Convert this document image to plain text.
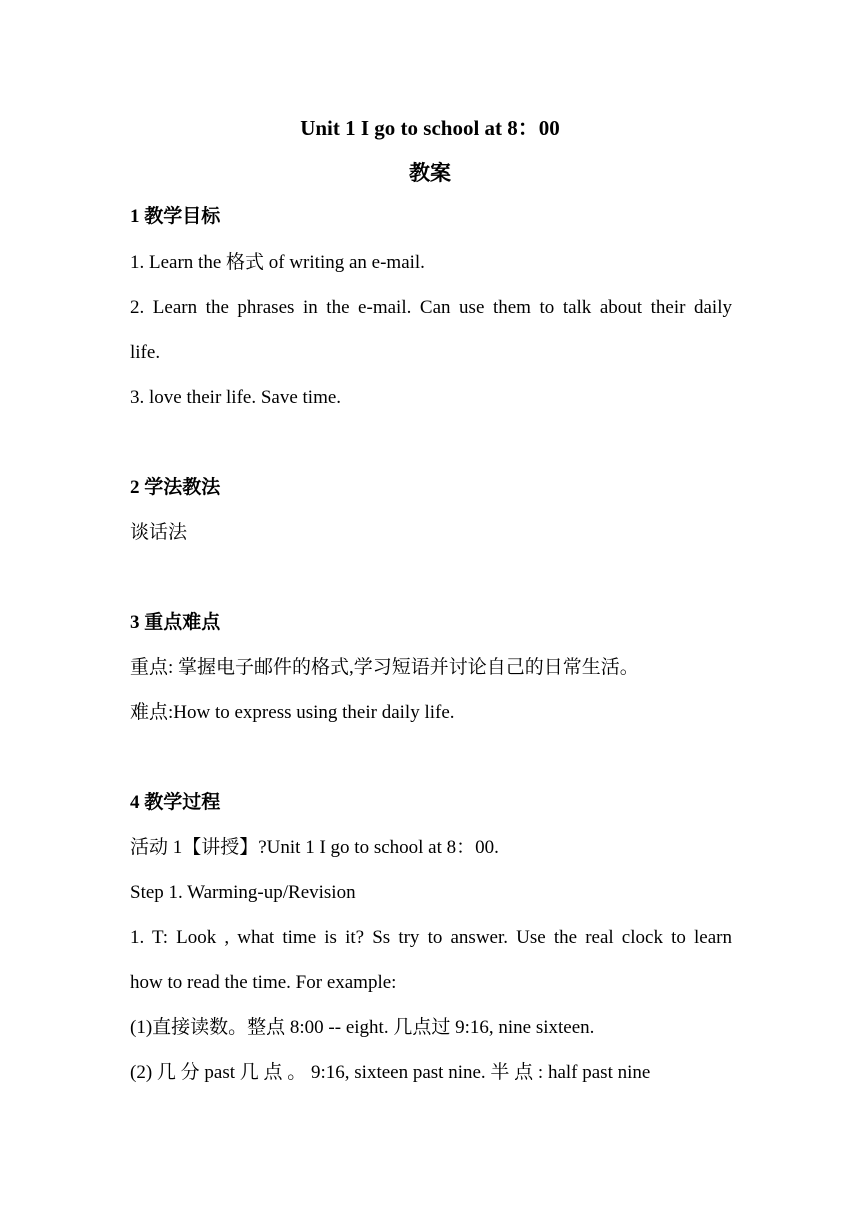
Unit 1 I go to school at 8：00
教案
1 教学目标
1. Learn the 格式 of writing an e-mail.
2. Learn the phrases in the e-mail. Can use them to talk about their daily
life.
3. love their life. Save time.
2 学法教法
谈话法
3 重点难点
重点: 掌握电子邮件的格式,学习短语并讨论自己的日常生活。
难点:How to express using their daily life.
4 教学过程
活动 1【讲授】?Unit 1 I go to school at 8：00.
Step 1. Warming-up/Revision
1. T: Look , what time is it? Ss try to answer. Use the real clock to learn
how to read the time. For example:
(1)直接读数。整点 8:00 -- eight. 几点过 9:16, nine sixteen.
(2) 几 分 past 几 点 。 9:16, sixteen past nine. 半 点 : half past nine
